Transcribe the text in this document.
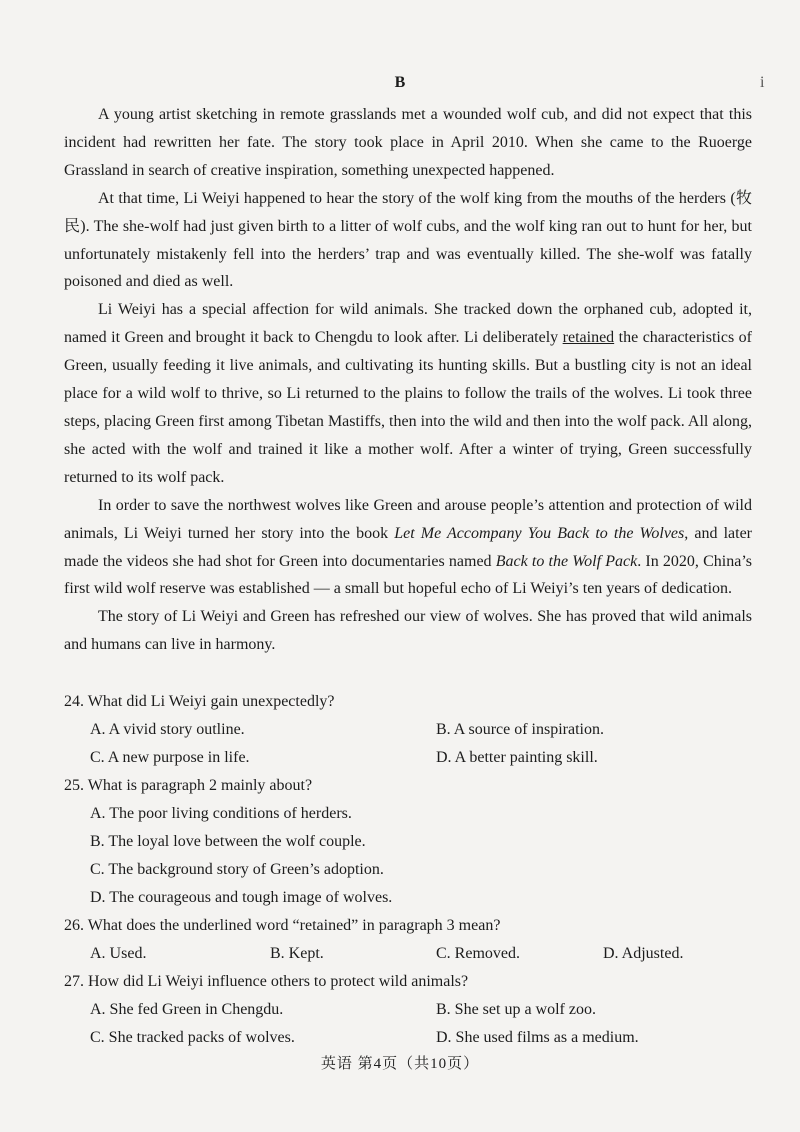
B	i

A young artist sketching in remote grasslands met a wounded wolf cub, and did not expect that this incident had rewritten her fate. The story took place in April 2010. When she came to the Ruoerge Grassland in search of creative inspiration, something unexpected happened.

At that time, Li Weiyi happened to hear the story of the wolf king from the mouths of the herders (牧民). The she-wolf had just given birth to a litter of wolf cubs, and the wolf king ran out to hunt for her, but unfortunately mistakenly fell into the herders’ trap and was eventually killed. The she-wolf was fatally poisoned and died as well.

Li Weiyi has a special affection for wild animals. She tracked down the orphaned cub, adopted it, named it Green and brought it back to Chengdu to look after. Li deliberately retained the characteristics of Green, usually feeding it live animals, and cultivating its hunting skills. But a bustling city is not an ideal place for a wild wolf to thrive, so Li returned to the plains to follow the trails of the wolves. Li took three steps, placing Green first among Tibetan Mastiffs, then into the wild and then into the wolf pack. All along, she acted with the wolf and trained it like a mother wolf. After a winter of trying, Green successfully returned to its wolf pack.

In order to save the northwest wolves like Green and arouse people’s attention and protection of wild animals, Li Weiyi turned her story into the book Let Me Accompany You Back to the Wolves, and later made the videos she had shot for Green into documentaries named Back to the Wolf Pack. In 2020, China’s first wild wolf reserve was established — a small but hopeful echo of Li Weiyi’s ten years of dedication.

The story of Li Weiyi and Green has refreshed our view of wolves. She has proved that wild animals and humans can live in harmony.

24. What did Li Weiyi gain unexpectedly?
A. A vivid story outline.	B. A source of inspiration.
C. A new purpose in life.	D. A better painting skill.
25. What is paragraph 2 mainly about?
A. The poor living conditions of herders.
B. The loyal love between the wolf couple.
C. The background story of Green’s adoption.
D. The courageous and tough image of wolves.
26. What does the underlined word “retained” in paragraph 3 mean?
A. Used.	B. Kept.	C. Removed.	D. Adjusted.
27. How did Li Weiyi influence others to protect wild animals?
A. She fed Green in Chengdu.	B. She set up a wolf zoo.
C. She tracked packs of wolves.	D. She used films as a medium.
英语 第4页（共10页）
